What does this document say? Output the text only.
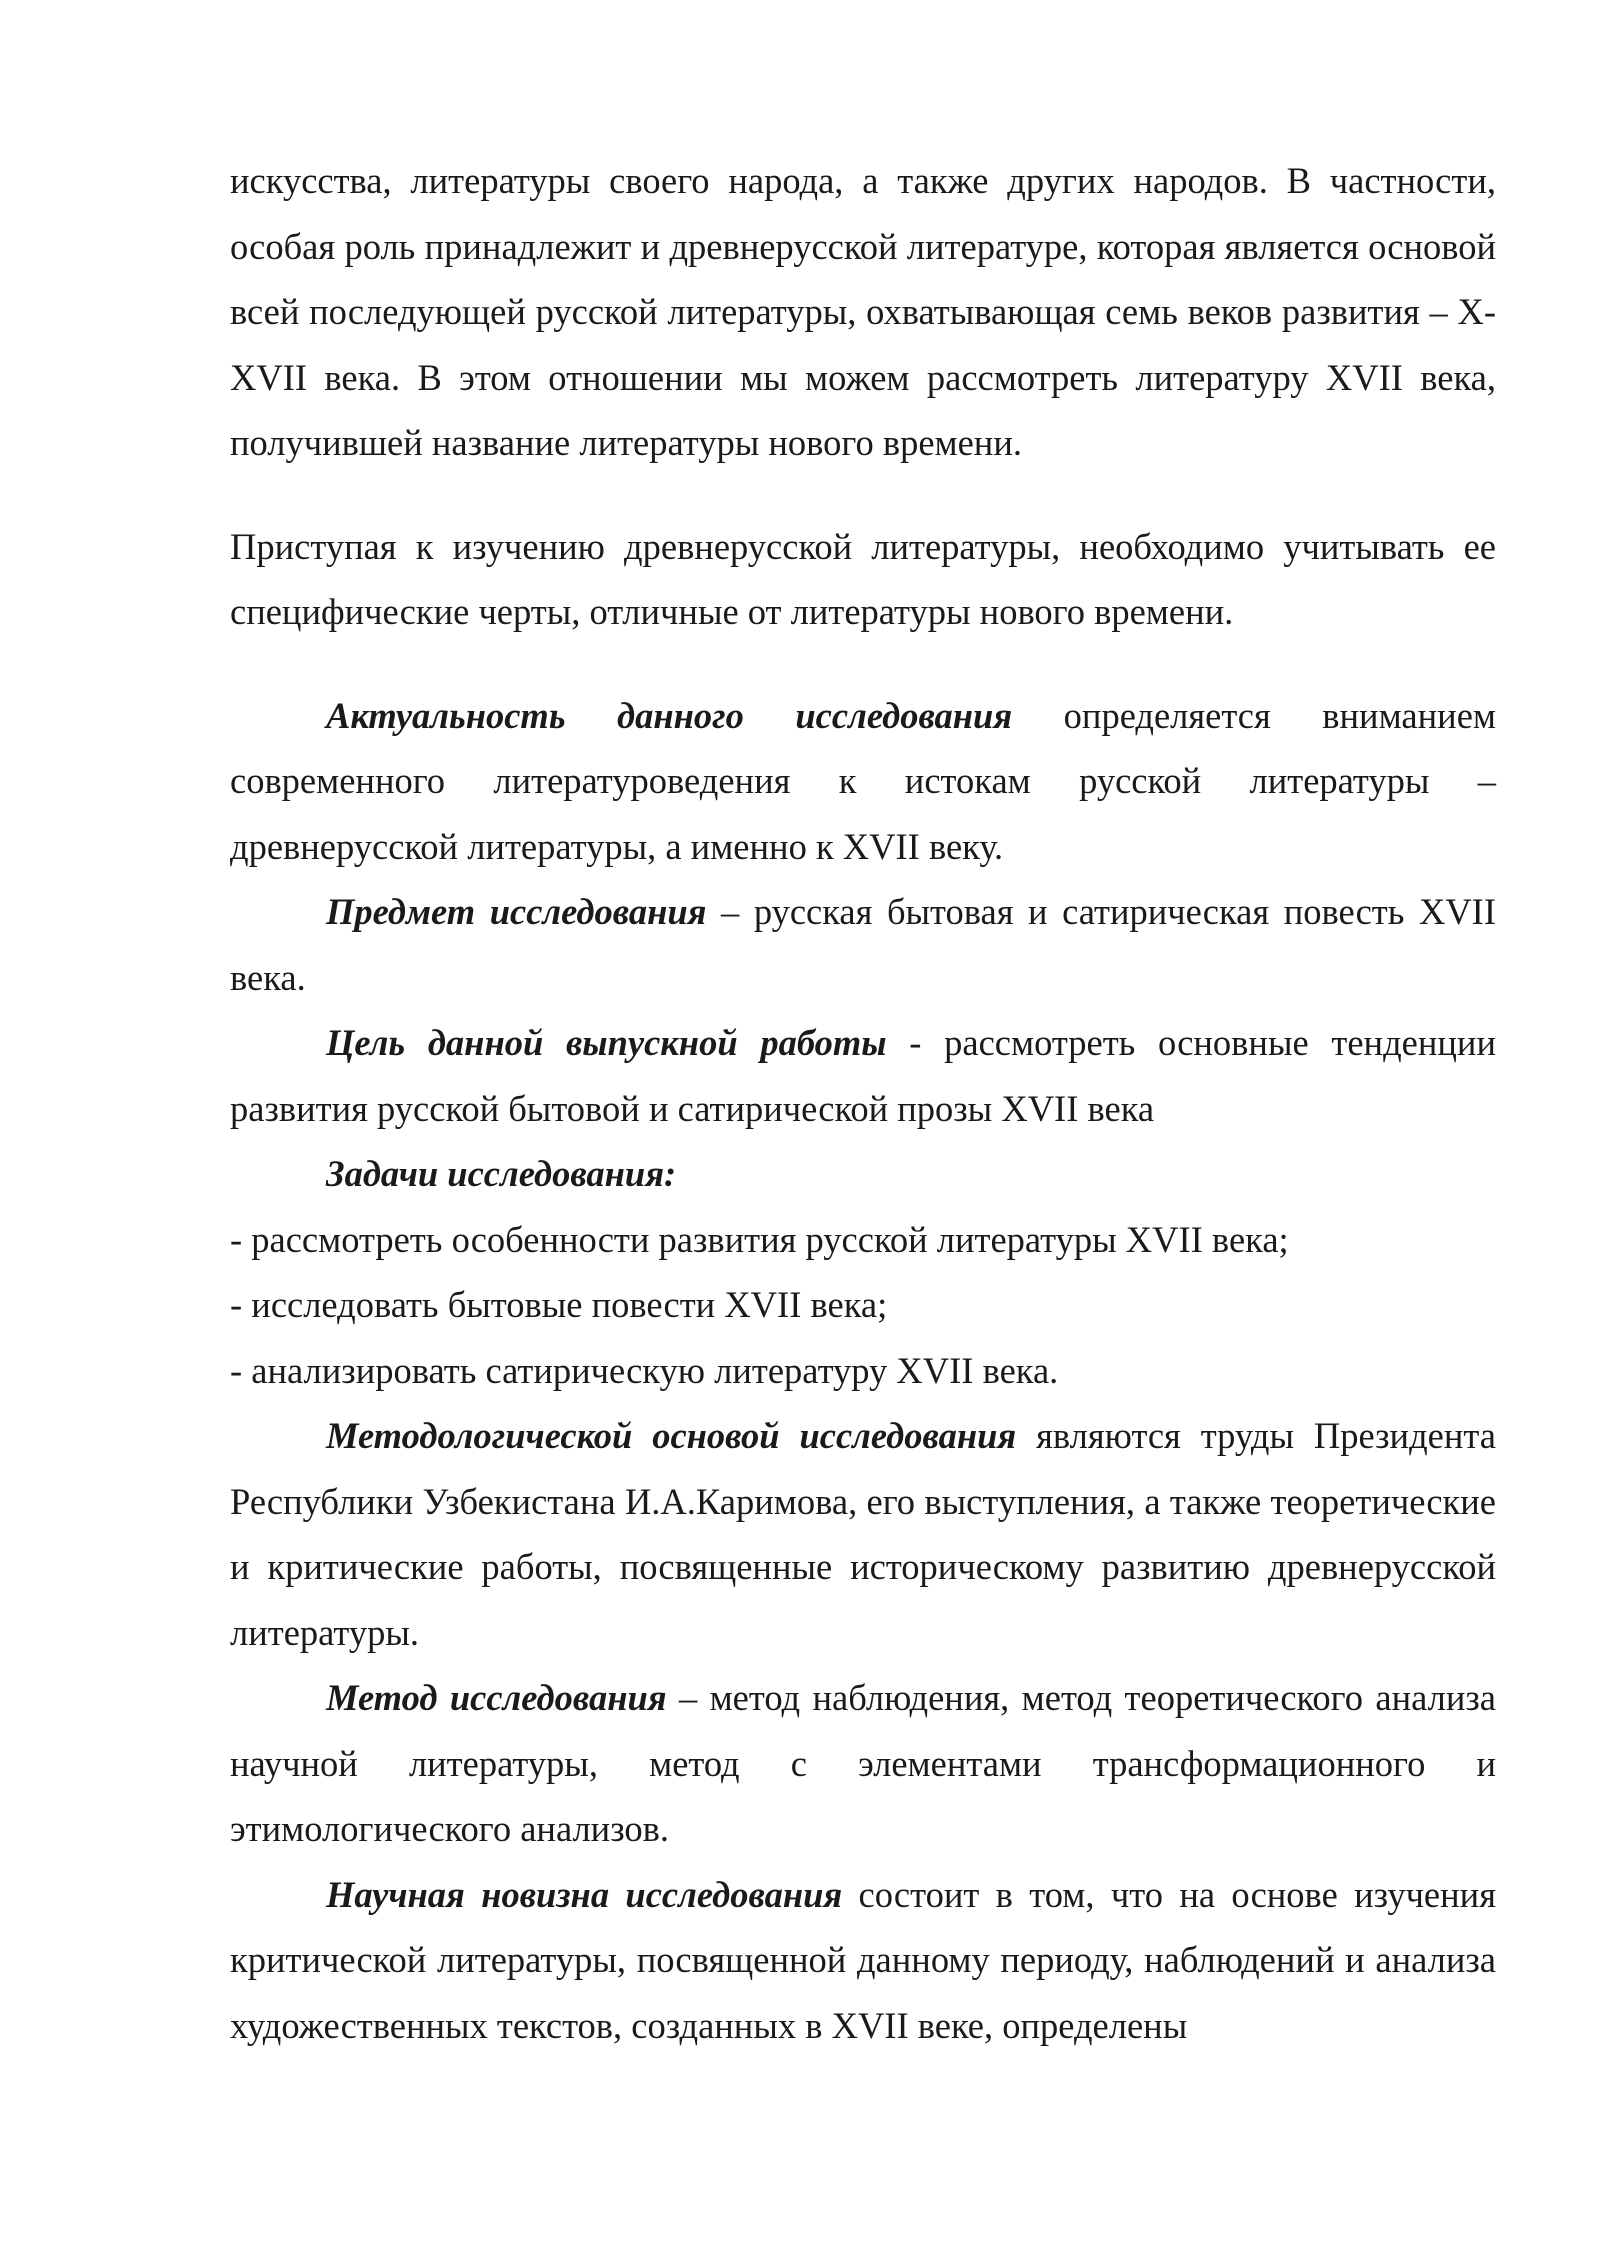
искусства, литературы своего народа, а также других народов. В частности, особая роль принадлежит и древнерусской литературе, которая является основой всей последующей русской литературы, охватывающая семь веков развития – X-XVII века. В этом отношении мы можем рассмотреть литературу XVII века, получившей название литературы нового времени.

Приступая к изучению древнерусской литературы, необходимо учитывать ее специфические черты, отличные от литературы нового времени.

Актуальность данного исследования определяется вниманием современного литературоведения к истокам русской литературы – древнерусской литературы, а именно к XVII веку.

Предмет исследования – русская бытовая и сатирическая повесть XVII века.

Цель данной выпускной работы - рассмотреть основные тенденции развития русской бытовой и сатирической прозы XVII века

Задачи исследования:

- рассмотреть особенности развития русской литературы XVII века;

- исследовать бытовые повести XVII века;

- анализировать сатирическую литературу XVII века.

Методологической основой исследования являются труды Президента Республики Узбекистана И.А.Каримова, его выступления, а также теоретические и критические работы, посвященные историческому развитию древнерусской литературы.

Метод исследования – метод наблюдения, метод теоретического анализа научной литературы, метод с элементами трансформационного и этимологического анализов.

Научная новизна исследования состоит в том, что на основе изучения критической литературы, посвященной данному периоду, наблюдений и анализа художественных текстов, созданных в XVII веке, определены
